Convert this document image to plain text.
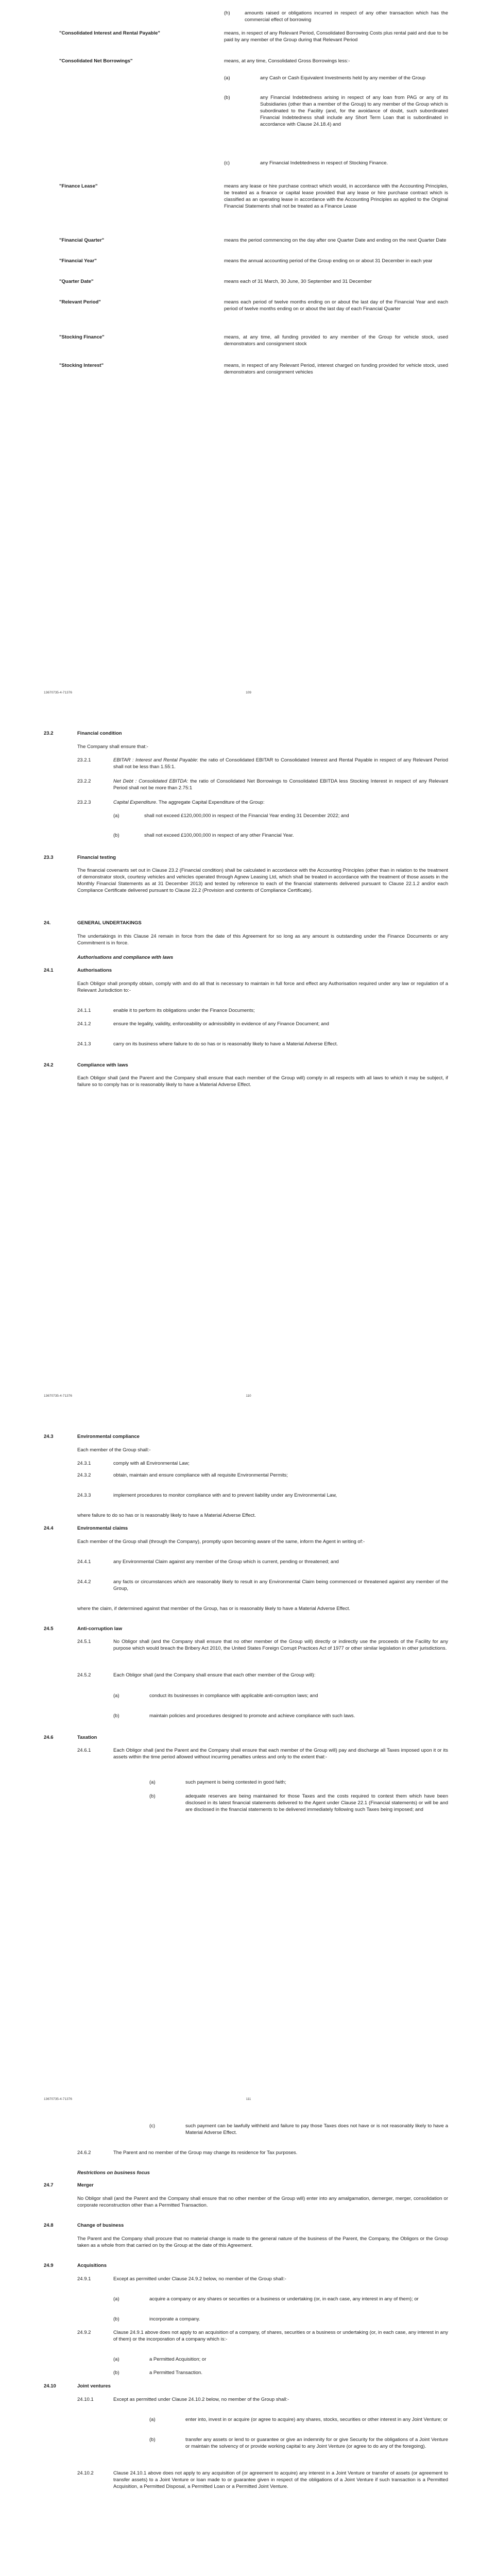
(h)	amounts raised or obligations incurred in respect of any other transaction which has the commercial effect of borrowing
"Consolidated Interest and Rental Payable"	means, in respect of any Relevant Period, Consolidated Borrowing Costs plus rental paid and due to be paid by any member of the Group during that Relevant Period
"Consolidated Net Borrowings"	means, at any time, Consolidated Gross Borrowings less:-
(a)	any Cash or Cash Equivalent Investments held by any member of the Group
(b)	any Financial Indebtedness arising in respect of any loan from PAG or any of its Subsidiaries (other than a member of the Group) to any member of the Group which is subordinated to the Facility (and, for the avoidance of doubt, such subordinated Financial Indebtedness shall include any Short Term Loan that is subordinated in accordance with Clause 24.18.4) and
(c)	any Financial Indebtedness in respect of Stocking Finance.
"Finance Lease"	means any lease or hire purchase contract which would, in accordance with the Accounting Principles, be treated as a finance or capital lease provided that any lease or hire purchase contract which is classified as an operating lease in accordance with the Accounting Principles as applied to the Original Financial Statements shall not be treated as a Finance Lease
"Financial Quarter"	means the period commencing on the day after one Quarter Date and ending on the next Quarter Date
"Financial Year"	means the annual accounting period of the Group ending on or about 31 December in each year
"Quarter Date"	means each of 31 March, 30 June, 30 September and 31 December
"Relevant Period"	means each period of twelve months ending on or about the last day of the Financial Year and each period of twelve months ending on or about the last day of each Financial Quarter
"Stocking Finance"	means, at any time, all funding provided to any member of the Group for vehicle stock, used demonstrators and consignment stock
"Stocking Interest"	means, in respect of any Relevant Period, interest charged on funding provided for vehicle stock, used demonstrators and consignment vehicles
13670735-4-71376	109
23.2	Financial condition
The Company shall ensure that:-
23.2.1	EBITAR : Interest and Rental Payable: the ratio of Consolidated EBITAR to Consolidated Interest and Rental Payable in respect of any Relevant Period shall not be less than 1.55:1.
23.2.2	Net Debt : Consolidated EBITDA: the ratio of Consolidated Net Borrowings to Consolidated EBITDA less Stocking Interest in respect of any Relevant Period shall not be more than 2.75:1
23.2.3	Capital Expenditure. The aggregate Capital Expenditure of the Group:
(a)	shall not exceed £120,000,000 in respect of the Financial Year ending 31 December 2022; and
(b)	shall not exceed £100,000,000 in respect of any other Financial Year.
23.3	Financial testing
The financial covenants set out in Clause 23.2 (Financial condition) shall be calculated in accordance with the Accounting Principles (other than in relation to the treatment of demonstrator stock, courtesy vehicles and vehicles operated through Agnew Leasing Ltd, which shall be treated in accordance with the treatment of those assets in the Monthly Financial Statements as at 31 December 2013) and tested by reference to each of the financial statements delivered pursuant to Clause 22.1.2 and/or each Compliance Certificate delivered pursuant to Clause 22.2 (Provision and contents of Compliance Certificate).
24.	GENERAL UNDERTAKINGS
The undertakings in this Clause 24 remain in force from the date of this Agreement for so long as any amount is outstanding under the Finance Documents or any Commitment is in force.
Authorisations and compliance with laws
24.1	Authorisations
Each Obligor shall promptly obtain, comply with and do all that is necessary to maintain in full force and effect any Authorisation required under any law or regulation of a Relevant Jurisdiction to:-
24.1.1	enable it to perform its obligations under the Finance Documents;
24.1.2	ensure the legality, validity, enforceability or admissibility in evidence of any Finance Document; and
24.1.3	carry on its business where failure to do so has or is reasonably likely to have a Material Adverse Effect.
24.2	Compliance with laws
Each Obligor shall (and the Parent and the Company shall ensure that each member of the Group will) comply in all respects with all laws to which it may be subject, if failure so to comply has or is reasonably likely to have a Material Adverse Effect.
13670735-4-71376	110
24.3	Environmental compliance
Each member of the Group shall:-
24.3.1	comply with all Environmental Law;
24.3.2	obtain, maintain and ensure compliance with all requisite Environmental Permits;
24.3.3	implement procedures to monitor compliance with and to prevent liability under any Environmental Law,
where failure to do so has or is reasonably likely to have a Material Adverse Effect.
24.4	Environmental claims
Each member of the Group shall (through the Company), promptly upon becoming aware of the same, inform the Agent in writing of:-
24.4.1	any Environmental Claim against any member of the Group which is current, pending or threatened; and
24.4.2	any facts or circumstances which are reasonably likely to result in any Environmental Claim being commenced or threatened against any member of the Group,
where the claim, if determined against that member of the Group, has or is reasonably likely to have a Material Adverse Effect.
24.5	Anti-corruption law
24.5.1	No Obligor shall (and the Company shall ensure that no other member of the Group will) directly or indirectly use the proceeds of the Facility for any purpose which would breach the Bribery Act 2010, the United States Foreign Corrupt Practices Act of 1977 or other similar legislation in other jurisdictions.
24.5.2	Each Obligor shall (and the Company shall ensure that each other member of the Group will):
(a)	conduct its businesses in compliance with applicable anti-corruption laws; and
(b)	maintain policies and procedures designed to promote and achieve compliance with such laws.
24.6	Taxation
24.6.1	Each Obligor shall (and the Parent and the Company shall ensure that each member of the Group will) pay and discharge all Taxes imposed upon it or its assets within the time period allowed without incurring penalties unless and only to the extent that:-
(a)	such payment is being contested in good faith;
(b)	adequate reserves are being maintained for those Taxes and the costs required to contest them which have been disclosed in its latest financial statements delivered to the Agent under Clause 22.1 (Financial statements) or will be and are disclosed in the financial statements to be delivered immediately following such Taxes being imposed; and
13670735-4-71376	111
(c)	such payment can be lawfully withheld and failure to pay those Taxes does not have or is not reasonably likely to have a Material Adverse Effect.
24.6.2	The Parent and no member of the Group may change its residence for Tax purposes.
Restrictions on business focus
24.7	Merger
No Obligor shall (and the Parent and the Company shall ensure that no other member of the Group will) enter into any amalgamation, demerger, merger, consolidation or corporate reconstruction other than a Permitted Transaction.
24.8	Change of business
The Parent and the Company shall procure that no material change is made to the general nature of the business of the Parent, the Company, the Obligors or the Group taken as a whole from that carried on by the Group at the date of this Agreement.
24.9	Acquisitions
24.9.1	Except as permitted under Clause 24.9.2 below, no member of the Group shall:-
(a)	acquire a company or any shares or securities or a business or undertaking (or, in each case, any interest in any of them); or
(b)	incorporate a company.
24.9.2	Clause 24.9.1 above does not apply to an acquisition of a company, of shares, securities or a business or undertaking (or, in each case, any interest in any of them) or the incorporation of a company which is:-
(a)	a Permitted Acquisition; or
(b)	a Permitted Transaction.
24.10	Joint ventures
24.10.1	Except as permitted under Clause 24.10.2 below, no member of the Group shall:-
(a)	enter into, invest in or acquire (or agree to acquire) any shares, stocks, securities or other interest in any Joint Venture; or
(b)	transfer any assets or lend to or guarantee or give an indemnity for or give Security for the obligations of a Joint Venture or maintain the solvency of or provide working capital to any Joint Venture (or agree to do any of the foregoing).
24.10.2	Clause 24.10.1 above does not apply to any acquisition of (or agreement to acquire) any interest in a Joint Venture or transfer of assets (or agreement to transfer assets) to a Joint Venture or loan made to or guarantee given in respect of the obligations of a Joint Venture if such transaction is a Permitted Acquisition, a Permitted Disposal, a Permitted Loan or a Permitted Joint Venture.
